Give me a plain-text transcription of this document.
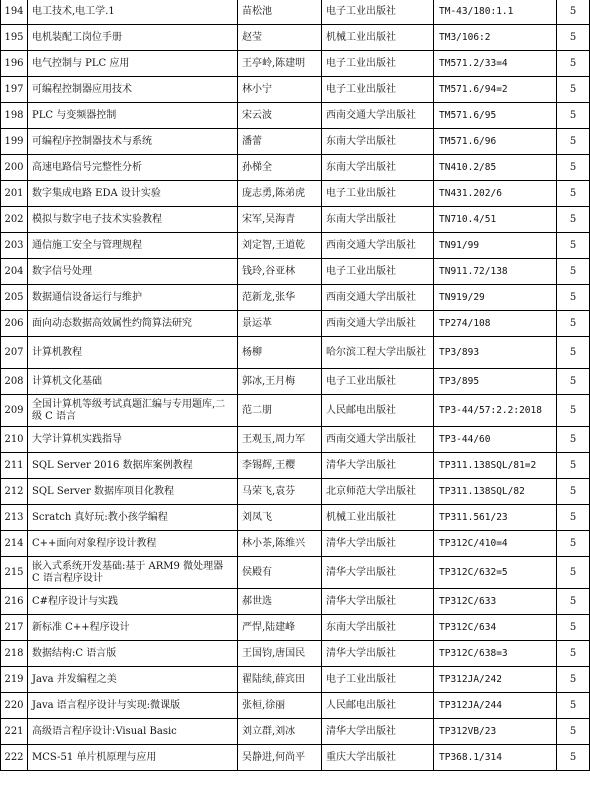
194	电工技术,电工学.1	苗松池	电子工业出版社	TM-43/180:1.1	5
195	电机装配工岗位手册	赵莹	机械工业出版社	TM3/106:2	5
196	电气控制与 PLC 应用	王亭岭,陈建明	电子工业出版社	TM571.2/33=4	5
197	可编程控制器应用技术	林小宁	电子工业出版社	TM571.6/94=2	5
198	PLC 与变频器控制	宋云波	西南交通大学出版社	TM571.6/95	5
199	可编程序控制器技术与系统	潘蕾	东南大学出版社	TM571.6/96	5
200	高速电路信号完整性分析	孙梯全	东南大学出版社	TN410.2/85	5
201	数字集成电路 EDA 设计实验	庞志勇,陈弟虎	电子工业出版社	TN431.202/6	5
202	模拟与数字电子技术实验教程	宋军,吴海青	东南大学出版社	TN710.4/51	5
203	通信施工安全与管理规程	刘定智,王道乾	西南交通大学出版社	TN91/99	5
204	数字信号处理	钱玲,谷亚林	电子工业出版社	TN911.72/138	5
205	数据通信设备运行与维护	范新龙,张华	西南交通大学出版社	TN919/29	5
206	面向动态数据高效属性约简算法研究	景运革	西南交通大学出版社	TP274/108	5
207	计算机教程	杨柳	哈尔滨工程大学出版社	TP3/893	5
208	计算机文化基础	郭冰,王月梅	电子工业出版社	TP3/895	5
209	全国计算机等级考试真题汇编与专用题库,二级 C 语言	范二朋	人民邮电出版社	TP3-44/57:2.2:2018	5
210	大学计算机实践指导	王观玉,周力军	西南交通大学出版社	TP3-44/60	5
211	SQL Server 2016 数据库案例教程	李锡辉,王樱	清华大学出版社	TP311.138SQL/81=2	5
212	SQL Server 数据库项目化教程	马荣飞,袁芬	北京师范大学出版社	TP311.138SQL/82	5
213	Scratch 真好玩:教小孩学编程	刘凤飞	机械工业出版社	TP311.561/23	5
214	C++面向对象程序设计教程	林小茶,陈维兴	清华大学出版社	TP312C/410=4	5
215	嵌入式系统开发基础:基于 ARM9 微处理器 C 语言程序设计	侯殿有	清华大学出版社	TP312C/632=5	5
216	C#程序设计与实践	郝世选	清华大学出版社	TP312C/633	5
217	新标准 C++程序设计	严悍,陆建峰	东南大学出版社	TP312C/634	5
218	数据结构:C 语言版	王国钧,唐国民	清华大学出版社	TP312C/638=3	5
219	Java 并发编程之美	翟陆续,薛宾田	电子工业出版社	TP312JA/242	5
220	Java 语言程序设计与实现:微课版	张桓,徐丽	人民邮电出版社	TP312JA/244	5
221	高级语言程序设计:Visual Basic	刘立群,刘冰	清华大学出版社	TP312VB/23	5
222	MCS-51 单片机原理与应用	吴静进,何尚平	重庆大学出版社	TP368.1/314	5
